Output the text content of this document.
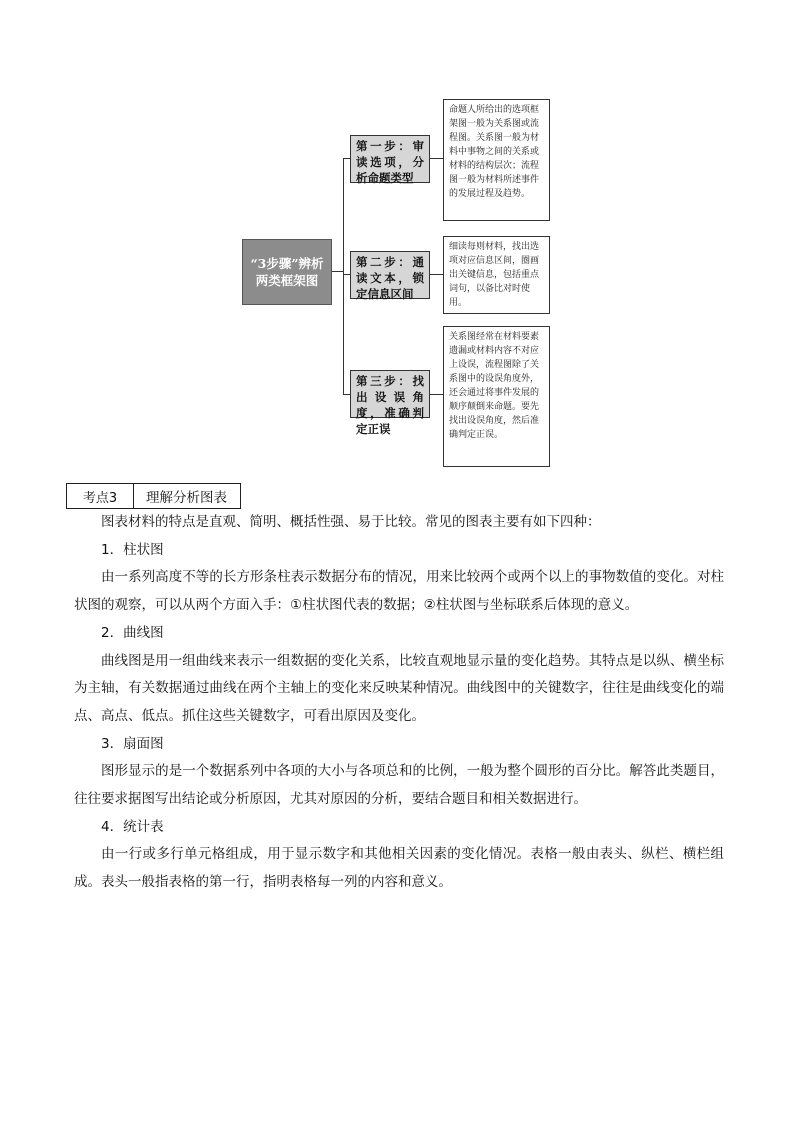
“3步骤”辨析两类框架图
第一步：审读选项，分析命题类型
命题人所给出的选项框架图一般为关系图或流程图。关系图一般为材料中事物之间的关系或材料的结构层次；流程图一般为材料所述事件的发展过程及趋势。
第二步：通读文本，锁定信息区间
细读每则材料，找出选项对应信息区间，圈画出关键信息，包括重点词句，以备比对时使用。
第三步：找出设误角度，准确判定正误
关系图经常在材料要素遗漏或材料内容不对应上设误，流程图除了关系图中的设误角度外，还会通过将事件发展的顺序颠倒来命题。要先找出设误角度，然后准确判定正误。
考点3	理解分析图表

图表材料的特点是直观、简明、概括性强、易于比较。常见的图表主要有如下四种：

1．柱状图

由一系列高度不等的长方形条柱表示数据分布的情况，用来比较两个或两个以上的事物数值的变化。对柱状图的观察，可以从两个方面入手：①柱状图代表的数据；②柱状图与坐标联系后体现的意义。

2．曲线图

曲线图是用一组曲线来表示一组数据的变化关系，比较直观地显示量的变化趋势。其特点是以纵、横坐标为主轴，有关数据通过曲线在两个主轴上的变化来反映某种情况。曲线图中的关键数字，往往是曲线变化的端点、高点、低点。抓住这些关键数字，可看出原因及变化。

3．扇面图

图形显示的是一个数据系列中各项的大小与各项总和的比例，一般为整个圆形的百分比。解答此类题目，往往要求据图写出结论或分析原因，尤其对原因的分析，要结合题目和相关数据进行。

4．统计表

由一行或多行单元格组成，用于显示数字和其他相关因素的变化情况。表格一般由表头、纵栏、横栏组成。表头一般指表格的第一行，指明表格每一列的内容和意义。
